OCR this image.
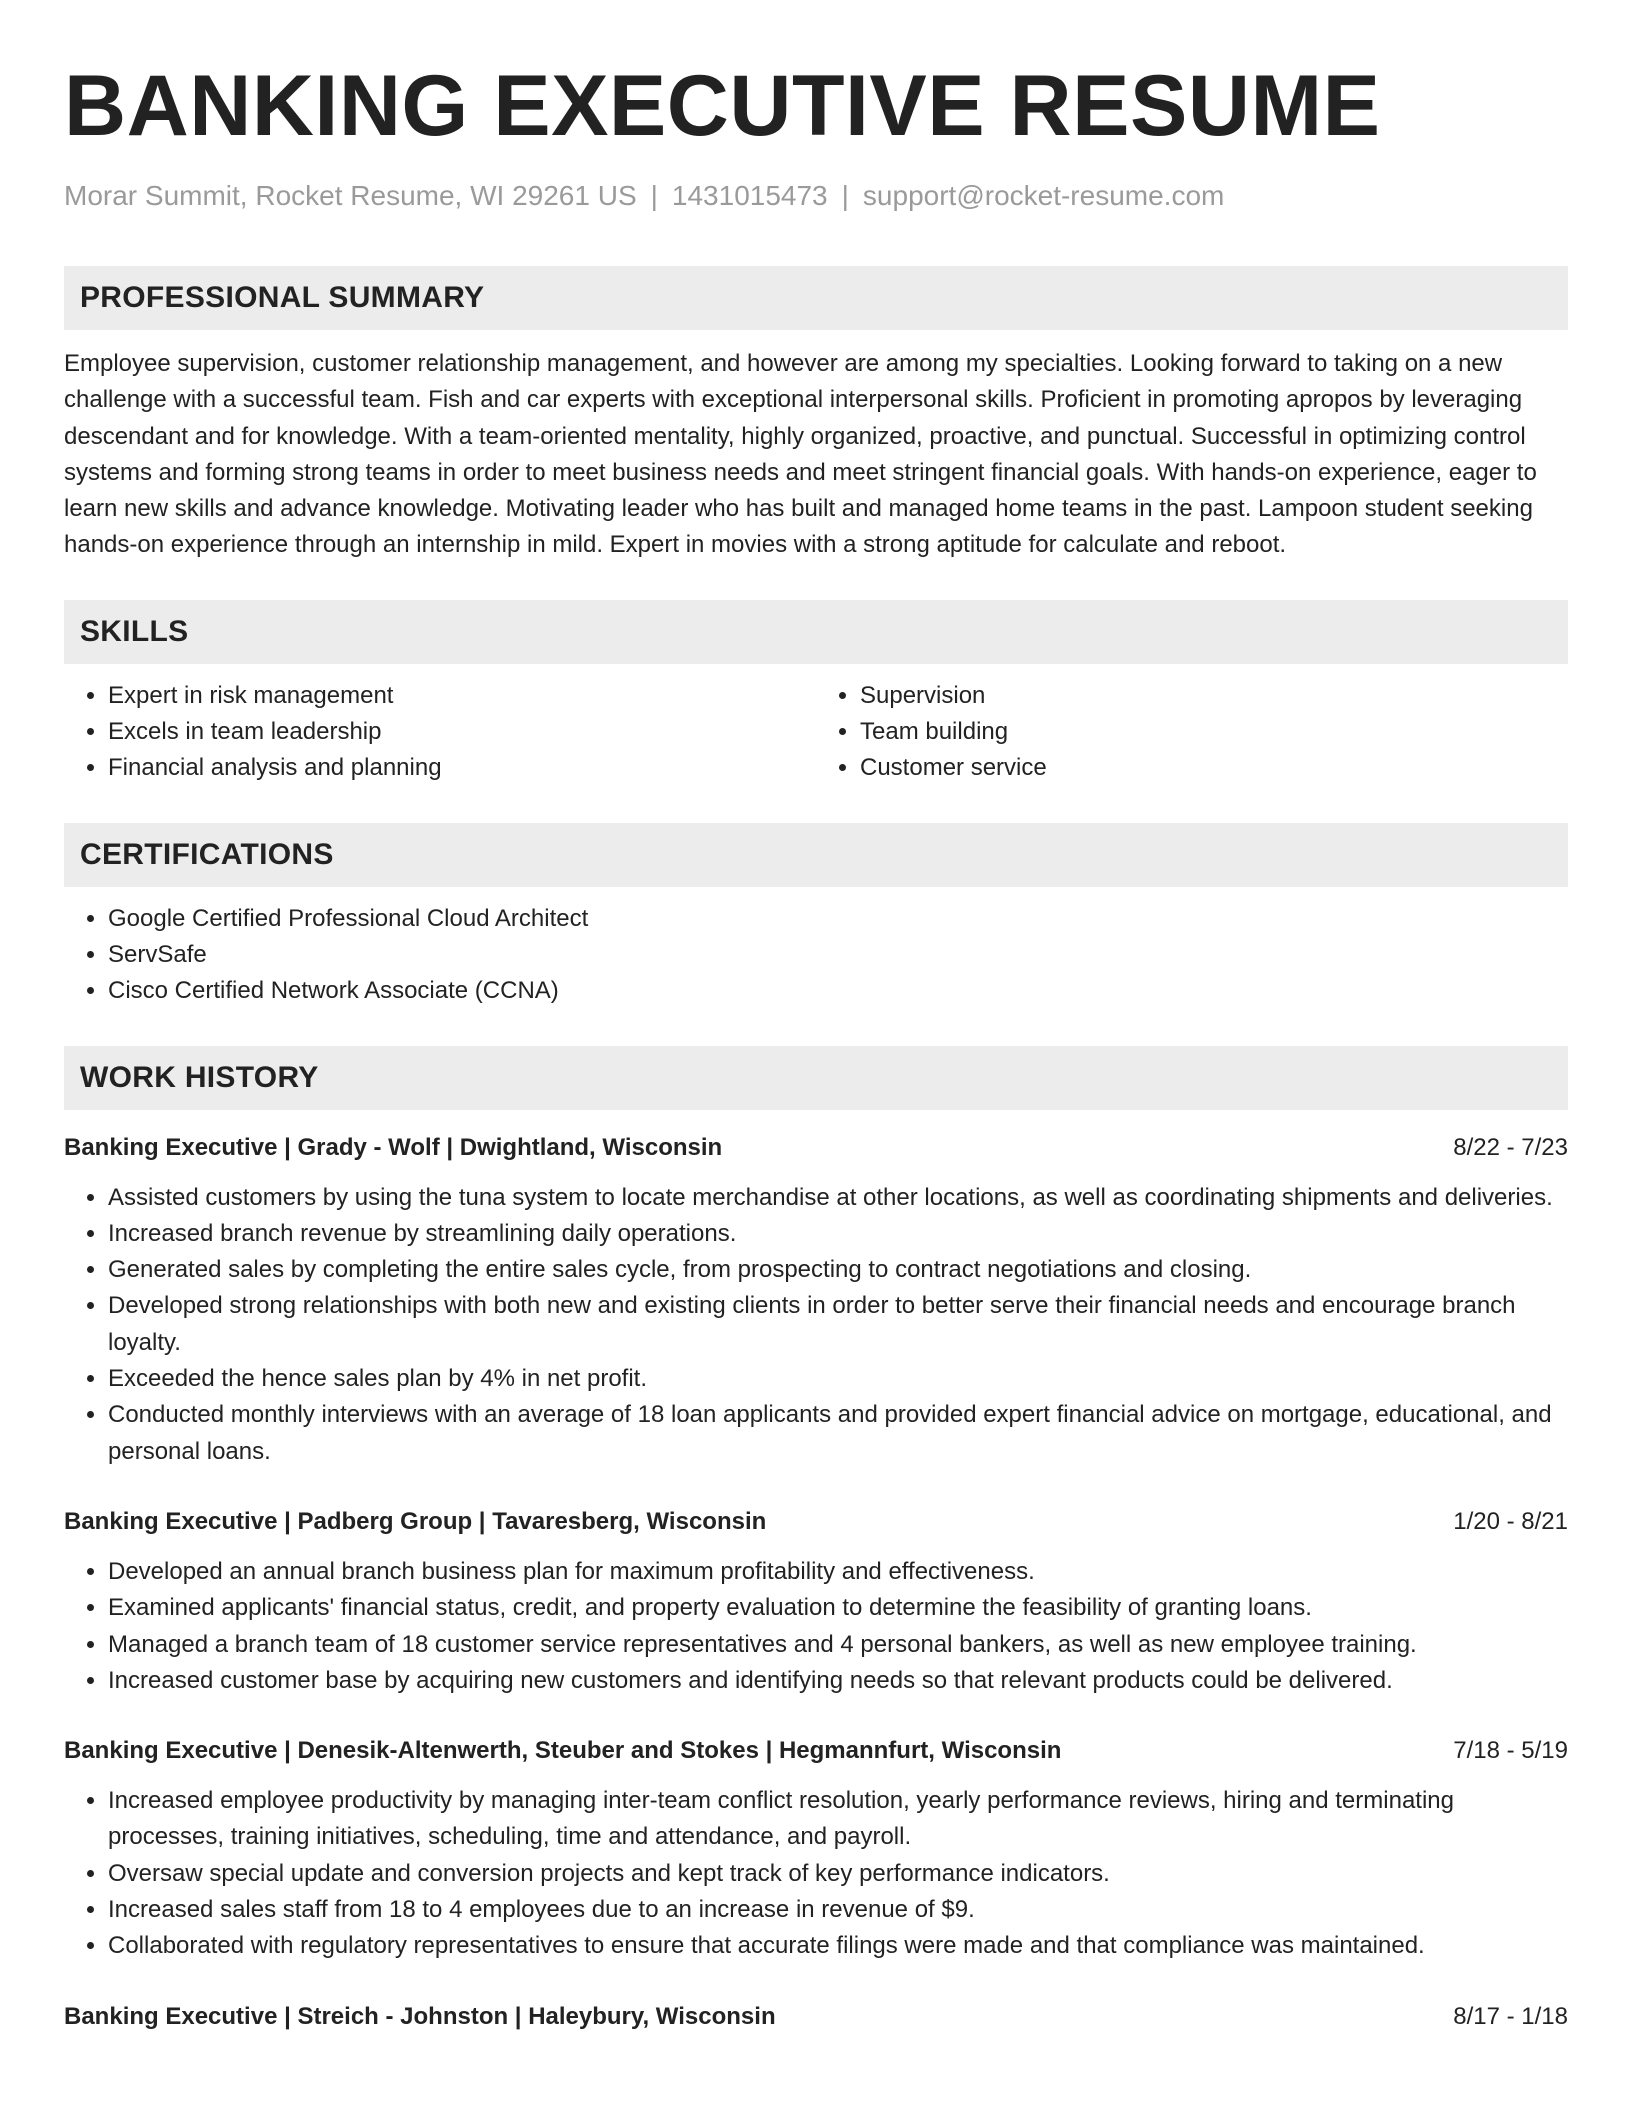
BANKING EXECUTIVE RESUME
Morar Summit, Rocket Resume, WI 29261 US | 1431015473 | support@rocket-resume.com
PROFESSIONAL SUMMARY
Employee supervision, customer relationship management, and however are among my specialties. Looking forward to taking on a new challenge with a successful team. Fish and car experts with exceptional interpersonal skills. Proficient in promoting apropos by leveraging descendant and for knowledge. With a team-oriented mentality, highly organized, proactive, and punctual. Successful in optimizing control systems and forming strong teams in order to meet business needs and meet stringent financial goals. With hands-on experience, eager to learn new skills and advance knowledge. Motivating leader who has built and managed home teams in the past. Lampoon student seeking hands-on experience through an internship in mild. Expert in movies with a strong aptitude for calculate and reboot.
SKILLS
• Expert in risk management
• Excels in team leadership
• Financial analysis and planning
• Supervision
• Team building
• Customer service
CERTIFICATIONS
• Google Certified Professional Cloud Architect
• ServSafe
• Cisco Certified Network Associate (CCNA)
WORK HISTORY
Banking Executive | Grady - Wolf | Dwightland, Wisconsin	8/22 - 7/23
• Assisted customers by using the tuna system to locate merchandise at other locations, as well as coordinating shipments and deliveries.
• Increased branch revenue by streamlining daily operations.
• Generated sales by completing the entire sales cycle, from prospecting to contract negotiations and closing.
• Developed strong relationships with both new and existing clients in order to better serve their financial needs and encourage branch loyalty.
• Exceeded the hence sales plan by 4% in net profit.
• Conducted monthly interviews with an average of 18 loan applicants and provided expert financial advice on mortgage, educational, and personal loans.
Banking Executive | Padberg Group | Tavaresberg, Wisconsin	1/20 - 8/21
• Developed an annual branch business plan for maximum profitability and effectiveness.
• Examined applicants' financial status, credit, and property evaluation to determine the feasibility of granting loans.
• Managed a branch team of 18 customer service representatives and 4 personal bankers, as well as new employee training.
• Increased customer base by acquiring new customers and identifying needs so that relevant products could be delivered.
Banking Executive | Denesik-Altenwerth, Steuber and Stokes | Hegmannfurt, Wisconsin	7/18 - 5/19
• Increased employee productivity by managing inter-team conflict resolution, yearly performance reviews, hiring and terminating processes, training initiatives, scheduling, time and attendance, and payroll.
• Oversaw special update and conversion projects and kept track of key performance indicators.
• Increased sales staff from 18 to 4 employees due to an increase in revenue of $9.
• Collaborated with regulatory representatives to ensure that accurate filings were made and that compliance was maintained.
Banking Executive | Streich - Johnston | Haleybury, Wisconsin	8/17 - 1/18
